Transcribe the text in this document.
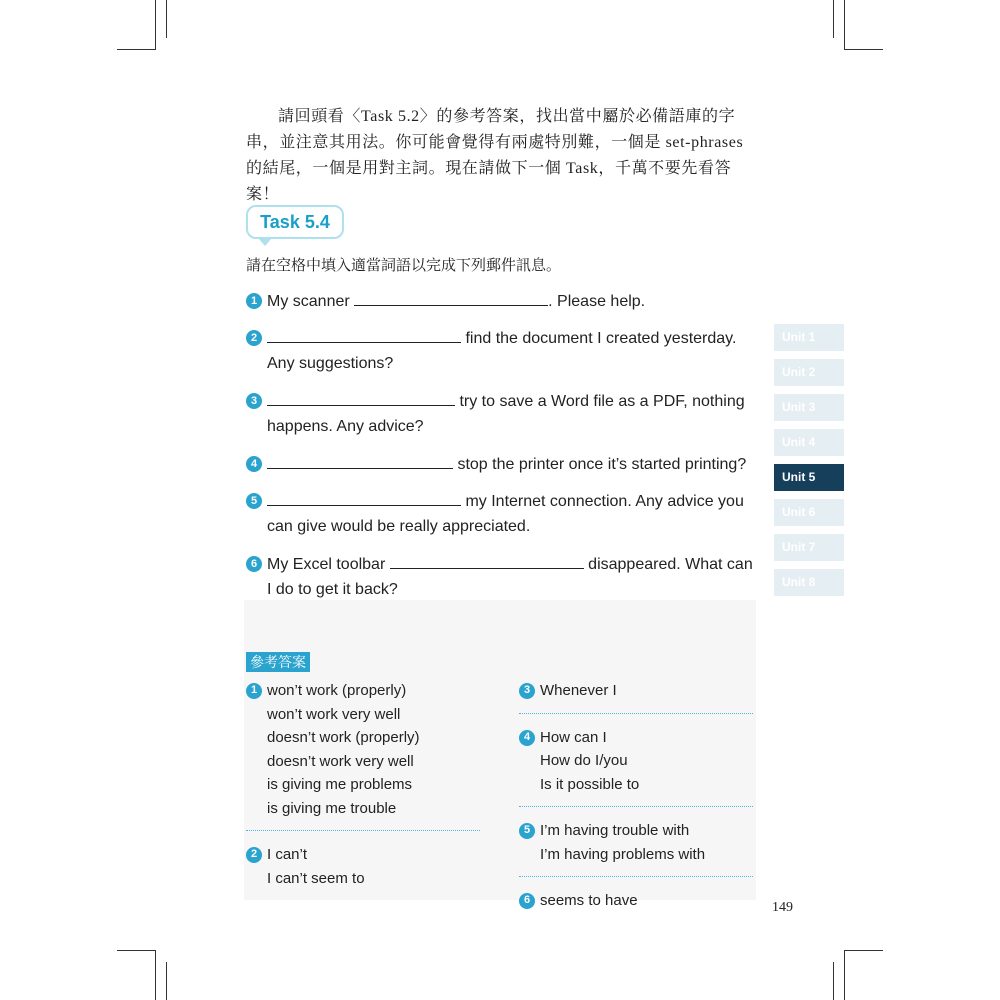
請回頭看〈Task 5.2〉的參考答案，找出當中屬於必備語庫的字串，並注意其用法。你可能會覺得有兩處特別難，一個是 set-phrases 的結尾，一個是用對主詞。現在請做下一個 Task，千萬不要先看答案！

Task 5.4
請在空格中填入適當詞語以完成下列郵件訊息。
1 My scanner	. Please help.
2	find the document I created yesterday. Any suggestions?
3	try to save a Word file as a PDF, nothing happens. Any advice?
4	stop the printer once it’s started printing?
5	my Internet connection. Any advice you can give would be really appreciated.
6 My Excel toolbar	disappeared. What can I do to get it back?
Unit 1
Unit 2
Unit 3
Unit 4
Unit 5
Unit 6
Unit 7
Unit 8
參考答案
1 won’t work (properly)
won’t work very well
doesn’t work (properly)
doesn’t work very well
is giving me problems
is giving me trouble
2 I can’t
I can’t seem to
3 Whenever I
4 How can I
How do I/you
Is it possible to
5 I’m having trouble with
I’m having problems with
6 seems to have	149
